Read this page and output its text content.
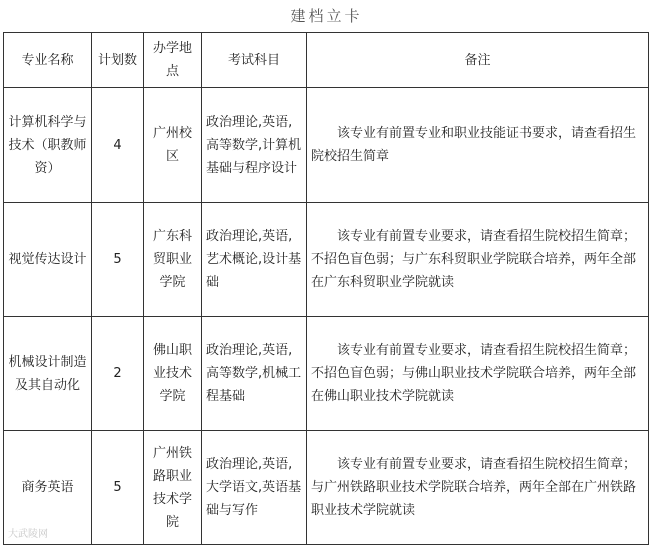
建档立卡
专业名称	计划数	办学地点	考试科目	备注
计算机科学与技术（职教师资）	4	广州校区	政治理论,英语,高等数学,计算机基础与程序设计	该专业有前置专业和职业技能证书要求，请查看招生院校招生简章
视觉传达设计	5	广东科贸职业学院	政治理论,英语,艺术概论,设计基础	该专业有前置专业要求，请查看招生院校招生简章；不招色盲色弱；与广东科贸职业学院联合培养，两年全部在广东科贸职业学院就读
机械设计制造及其自动化	2	佛山职业技术学院	政治理论,英语,高等数学,机械工程基础	该专业有前置专业要求，请查看招生院校招生简章；不招色盲色弱；与佛山职业技术学院联合培养，两年全部在佛山职业技术学院就读
商务英语	5	广州铁路职业技术学院	政治理论,英语,大学语文,英语基础与写作	该专业有前置专业要求，请查看招生院校招生简章；与广州铁路职业技术学院联合培养，两年全部在广州铁路职业技术学院就读
大武陵网
